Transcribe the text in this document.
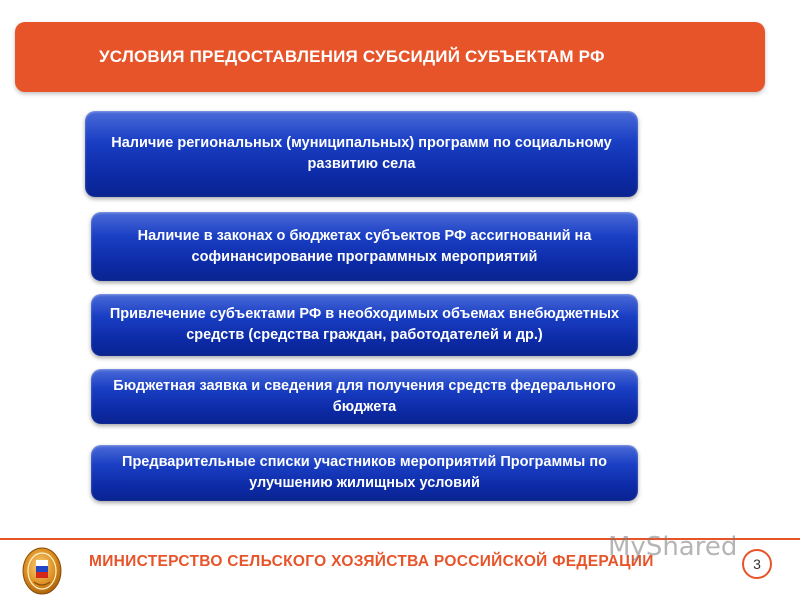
УСЛОВИЯ ПРЕДОСТАВЛЕНИЯ СУБСИДИЙ СУБЪЕКТАМ РФ
Наличие региональных (муниципальных) программ по социальному развитию села
Наличие в законах о бюджетах субъектов РФ ассигнований на софинансирование программных мероприятий
Привлечение субъектами РФ в необходимых объемах внебюджетных средств (средства граждан, работодателей и др.)
Бюджетная заявка и сведения для получения средств федерального бюджета
Предварительные списки участников мероприятий Программы по улучшению жилищных условий
МИНИСТЕРСТВО СЕЛЬСКОГО ХОЗЯЙСТВА РОССИЙСКОЙ ФЕДЕРАЦИИ
MyShared
3
